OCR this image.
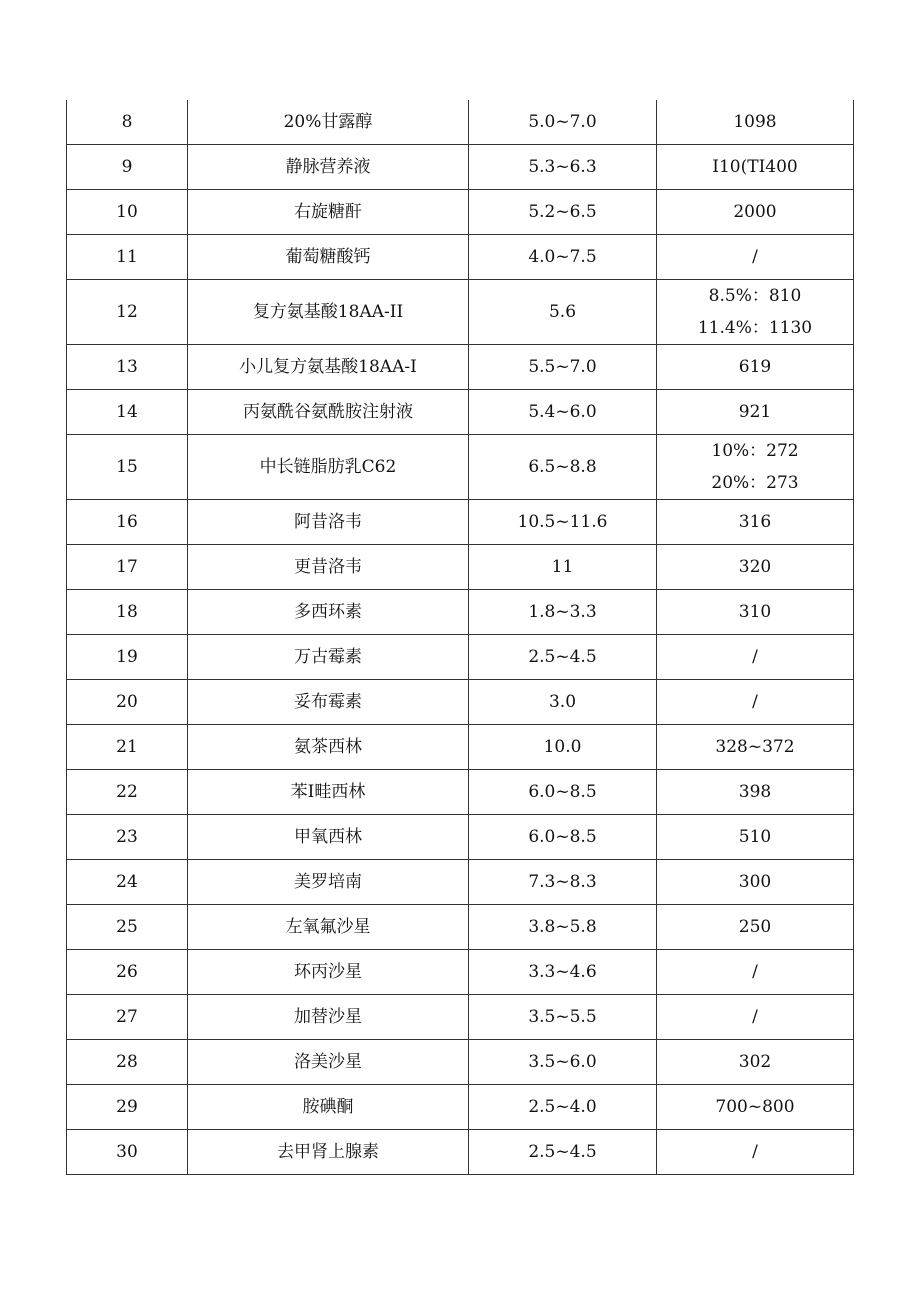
8	20%甘露醇	5.0~7.0	1098
9	静脉营养液	5.3~6.3	I10(TI400
10	右旋糖酐	5.2~6.5	2000
11	葡萄糖酸钙	4.0~7.5	/
12	复方氨基酸18AA-II	5.6	8.5%：810
11.4%：1130

13	小儿复方氨基酸18AA-I	5.5~7.0	619
14	丙氨酰谷氨酰胺注射液	5.4~6.0	921
15	中长链脂肪乳C62	6.5~8.8	10%：272
20%：273

16	阿昔洛韦	10.5~11.6	316
17	更昔洛韦	11	320
18	多西环素	1.8~3.3	310
19	万古霉素	2.5~4.5	/
20	妥布霉素	3.0	/
21	氨茶西林	10.0	328~372
22	苯I畦西林	6.0~8.5	398
23	甲氧西林	6.0~8.5	510
24	美罗培南	7.3~8.3	300
25	左氧氟沙星	3.8~5.8	250
26	环丙沙星	3.3~4.6	/
27	加替沙星	3.5~5.5	/
28	洛美沙星	3.5~6.0	302
29	胺碘酮	2.5~4.0	700~800
30	去甲肾上腺素	2.5~4.5	/
